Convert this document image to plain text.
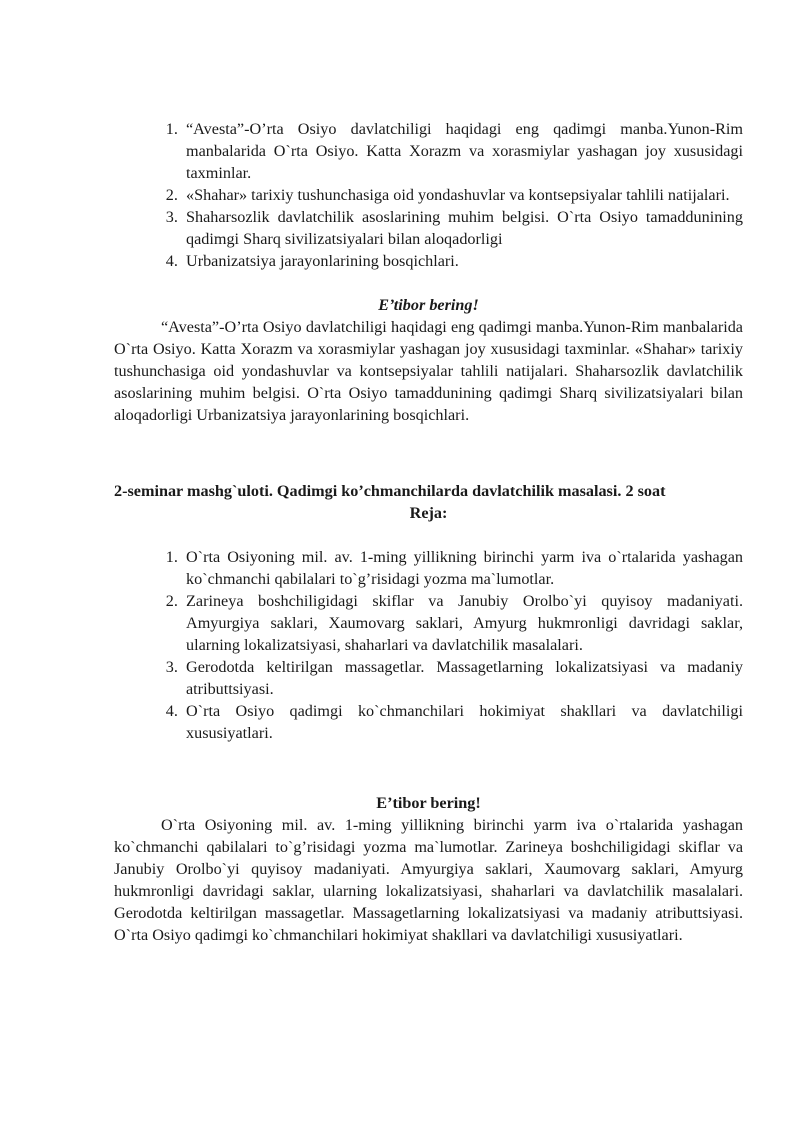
1. “Avesta”-O’rta Osiyo davlatchiligi haqidagi eng qadimgi manba.Yunon-Rim manbalarida O`rta Osiyo. Katta Xorazm va xorasmiylar yashagan joy xususidagi taxminlar.
2. «Shahar» tarixiy tushunchasiga oid yondashuvlar va kontsepsiyalar tahlili natijalari.
3. Shaharsozlik davlatchilik asoslarining muhim belgisi. O`rta Osiyo tamaddunining qadimgi Sharq sivilizatsiyalari bilan aloqadorligi
4. Urbanizatsiya jarayonlarining bosqichlari.
E’tibor bering!

“Avesta”-O’rta Osiyo davlatchiligi haqidagi eng qadimgi manba.Yunon-Rim manbalarida O`rta Osiyo. Katta Xorazm va xorasmiylar yashagan joy xususidagi taxminlar. «Shahar» tarixiy tushunchasiga oid yondashuvlar va kontsepsiyalar tahlili natijalari. Shaharsozlik davlatchilik asoslarining muhim belgisi. O`rta Osiyo tamaddunining qadimgi Sharq sivilizatsiyalari bilan aloqadorligi Urbanizatsiya jarayonlarining bosqichlari.

2-seminar mashg`uloti. Qadimgi ko’chmanchilarda davlatchilik masalasi. 2 soat

Reja:
1. O`rta Osiyoning mil. av. 1-ming yillikning birinchi yarm iva o`rtalarida yashagan ko`chmanchi qabilalari to`g’risidagi yozma ma`lumotlar.
2. Zarineya boshchiligidagi skiflar va Janubiy Orolbo`yi quyisoy madaniyati. Amyurgiya saklari, Xaumovarg saklari, Amyurg hukmronligi davridagi saklar, ularning lokalizatsiyasi, shaharlari va davlatchilik masalalari.
3. Gerodotda keltirilgan massagetlar. Massagetlarning lokalizatsiyasi va madaniy atributtsiyasi.
4. O`rta Osiyo qadimgi ko`chmanchilari hokimiyat shakllari va davlatchiligi xususiyatlari.
E’tibor bering!

O`rta Osiyoning mil. av. 1-ming yillikning birinchi yarm iva o`rtalarida yashagan ko`chmanchi qabilalari to`g’risidagi yozma ma`lumotlar. Zarineya boshchiligidagi skiflar va Janubiy Orolbo`yi quyisoy madaniyati. Amyurgiya saklari, Xaumovarg saklari, Amyurg hukmronligi davridagi saklar, ularning lokalizatsiyasi, shaharlari va davlatchilik masalalari. Gerodotda keltirilgan massagetlar. Massagetlarning lokalizatsiyasi va madaniy atributtsiyasi. O`rta Osiyo qadimgi ko`chmanchilari hokimiyat shakllari va davlatchiligi xususiyatlari.
